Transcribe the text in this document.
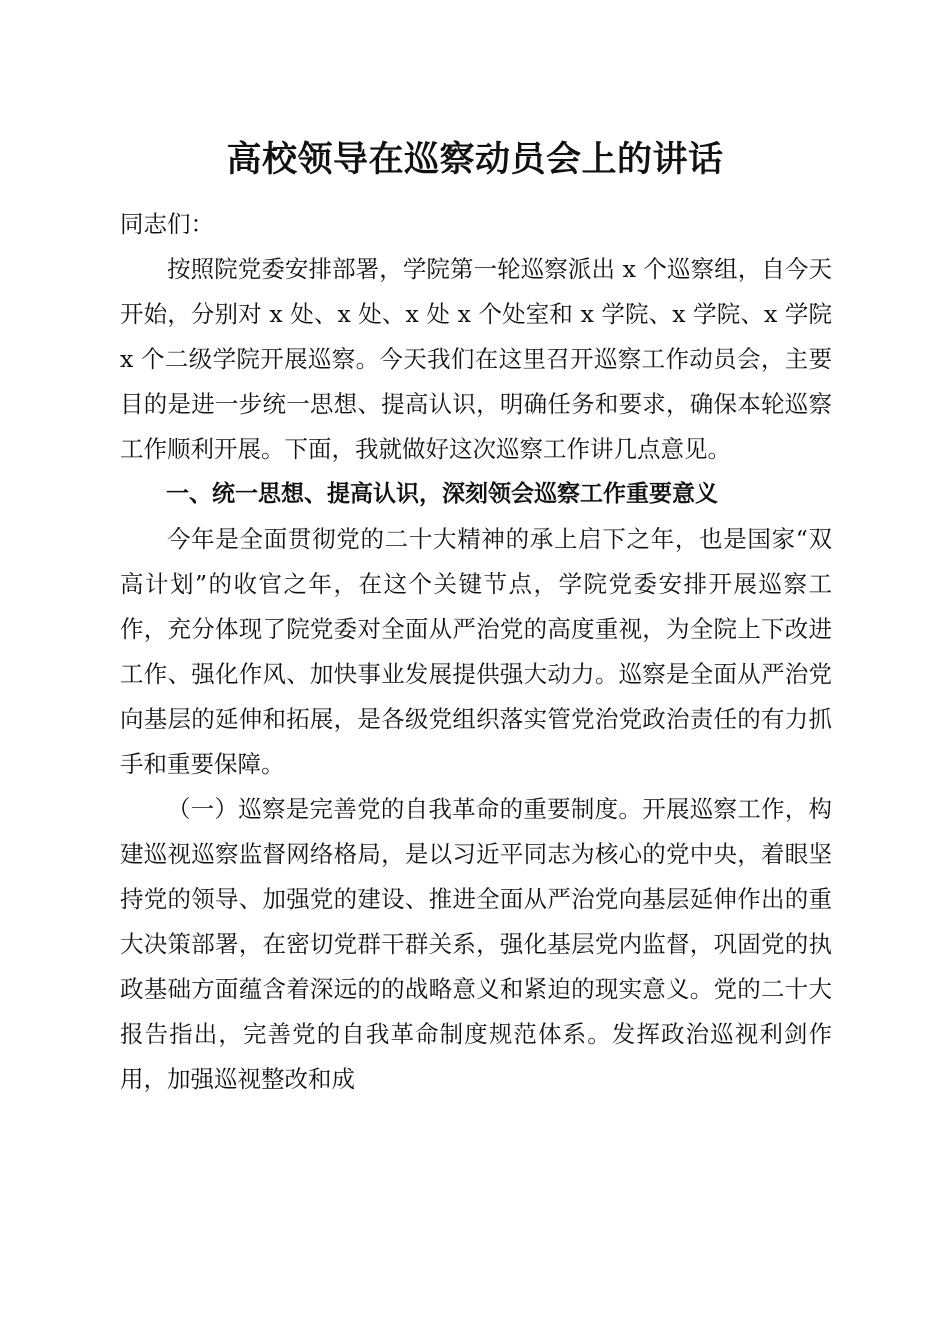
高校领导在巡察动员会上的讲话

同志们：

按照院党委安排部署，学院第一轮巡察派出 x 个巡察组，自今天开始，分别对 x 处、x 处、x 处 x 个处室和 x 学院、x 学院、x 学院 x 个二级学院开展巡察。今天我们在这里召开巡察工作动员会，主要目的是进一步统一思想、提高认识，明确任务和要求，确保本轮巡察工作顺利开展。下面，我就做好这次巡察工作讲几点意见。

一、统一思想、提高认识，深刻领会巡察工作重要意义

今年是全面贯彻党的二十大精神的承上启下之年，也是国家“双高计划”的收官之年，在这个关键节点，学院党委安排开展巡察工作，充分体现了院党委对全面从严治党的高度重视，为全院上下改进工作、强化作风、加快事业发展提供强大动力。巡察是全面从严治党向基层的延伸和拓展，是各级党组织落实管党治党政治责任的有力抓手和重要保障。

（一）巡察是完善党的自我革命的重要制度。开展巡察工作，构建巡视巡察监督网络格局，是以习近平同志为核心的党中央，着眼坚持党的领导、加强党的建设、推进全面从严治党向基层延伸作出的重大决策部署，在密切党群干群关系，强化基层党内监督，巩固党的执政基础方面蕴含着深远的的战略意义和紧迫的现实意义。党的二十大报告指出，完善党的自我革命制度规范体系。发挥政治巡视利剑作用，加强巡视整改和成
